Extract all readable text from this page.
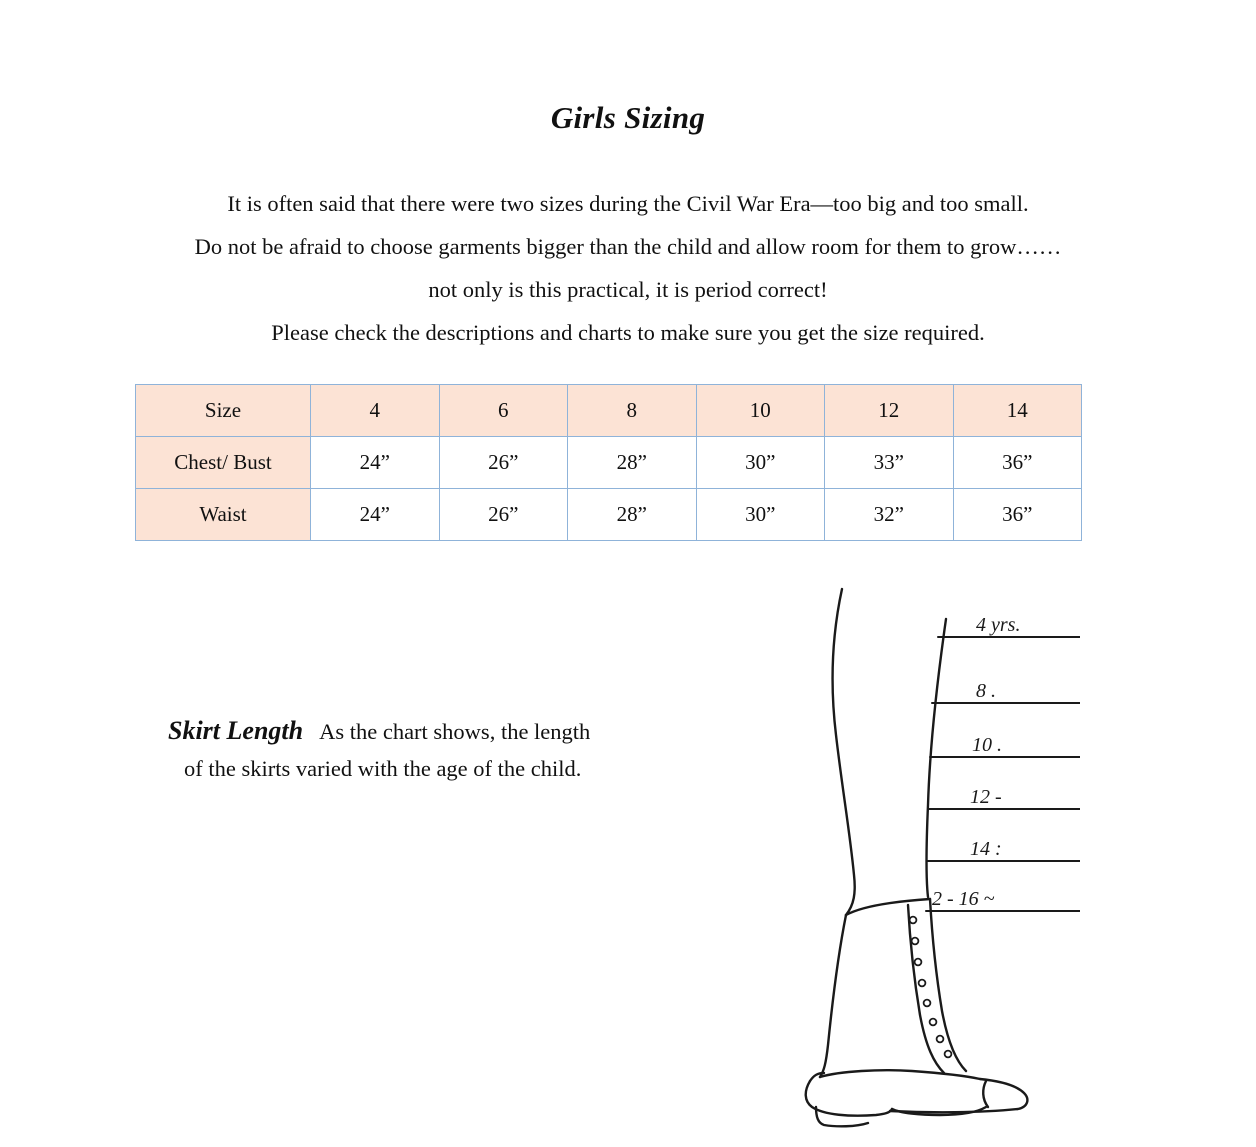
Girls Sizing
It is often said that there were two sizes during the Civil War Era—too big and too small.
Do not be afraid to choose garments bigger than the child and allow room for them to grow……
not only is this practical, it is period correct!
Please check the descriptions and charts to make sure you get the size required.
Size	4	6	8	10	12	14
Chest/ Bust	24”	26”	28”	30”	33”	36”
Waist	24”	26”	28”	30”	32”	36”
Skirt Length As the chart shows, the length
of the skirts varied with the age of the child.
4 yrs.
8 .
10 .
12 -
14 :
2 - 16 ~
